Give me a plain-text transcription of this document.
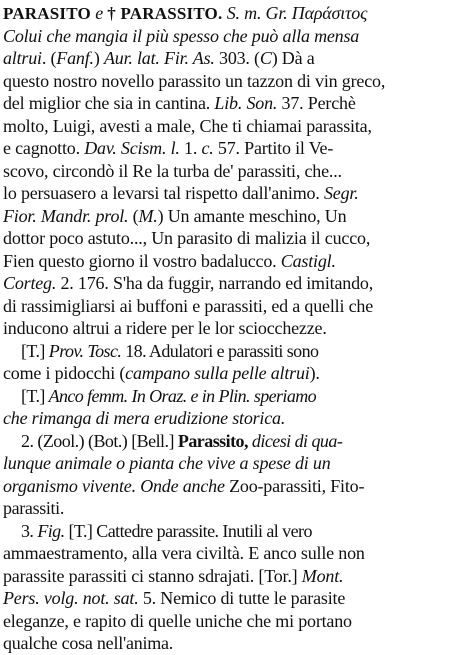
PARASITO e † PARASSITO. S. m. Gr. Παράσιτος
Colui che mangia il più spesso che può alla mensa
altrui. (Fanf.) Aur. lat. Fir. As. 303. (C) Dà a
questo nostro novello parassito un tazzon di vin greco,
del miglior che sia in cantina. Lib. Son. 37. Perchè
molto, Luigi, avesti a male, Che ti chiamai parassita,
e cagnotto. Dav. Scism. l. 1. c. 57. Partito il Ve-
scovo, circondò il Re la turba de' parassiti, che...
lo persuasero a levarsi tal rispetto dall'animo. Segr.
Fior. Mandr. prol. (M.) Un amante meschino, Un
dottor poco astuto..., Un parasito di malizia il cucco,
Fien questo giorno il vostro badalucco. Castigl.
Corteg. 2. 176. S'ha da fuggir, narrando ed imitando,
di rassimigliarsi ai buffoni e parassiti, ed a quelli che
inducono altrui a ridere per le lor sciocchezze.
[T.] Prov. Tosc. 18. Adulatori e parassiti sono
come i pidocchi (campano sulla pelle altrui).
[T.] Anco femm. In Oraz. e in Plin. speriamo
che rimanga di mera erudizione storica.
2. (Zool.) (Bot.) [Bell.] Parassito, dicesi di qua-
lunque animale o pianta che vive a spese di un
organismo vivente. Onde anche Zoo-parassiti, Fito-
parassiti.
3. Fig. [T.] Cattedre parassite. Inutili al vero
ammaestramento, alla vera civiltà. E anco sulle non
parassite parassiti ci stanno sdrajati. [Tor.] Mont.
Pers. volg. not. sat. 5. Nemico di tutte le parasite
eleganze, e rapito di quelle uniche che mi portano
qualche cosa nell'anima.
